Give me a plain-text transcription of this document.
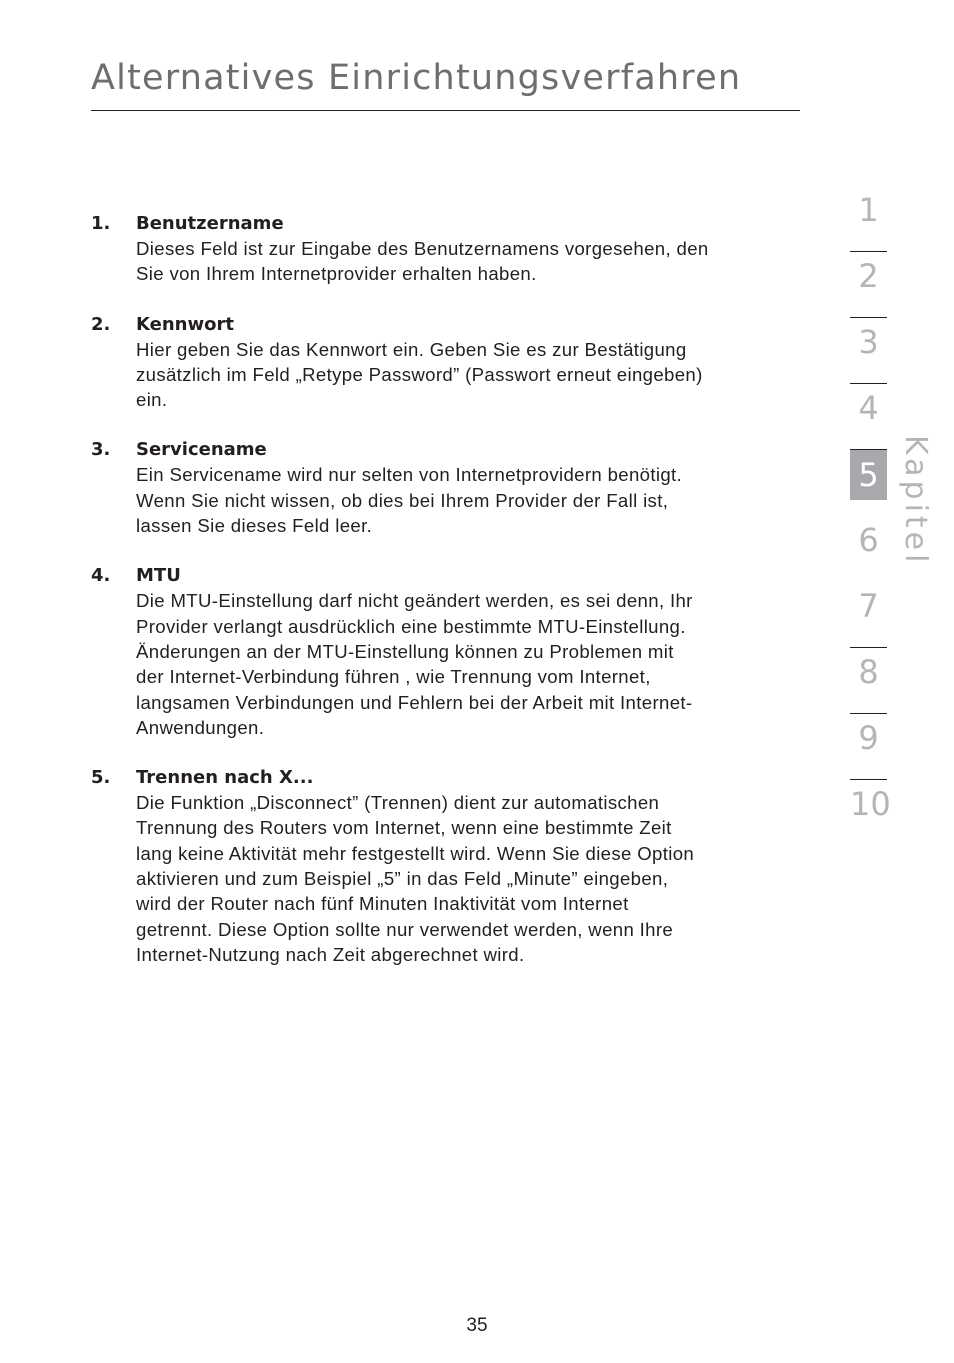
Alternatives Einrichtungsverfahren
1. Benutzername
Dieses Feld ist zur Eingabe des Benutzernamens vorgesehen, den
Sie von Ihrem Internetprovider erhalten haben.
2. Kennwort
Hier geben Sie das Kennwort ein. Geben Sie es zur Bestätigung
zusätzlich im Feld „Retype Password” (Passwort erneut eingeben)
ein.
3. Servicename
Ein Servicename wird nur selten von Internetprovidern benötigt.
Wenn Sie nicht wissen, ob dies bei Ihrem Provider der Fall ist,
lassen Sie dieses Feld leer.
4. MTU
Die MTU-Einstellung darf nicht geändert werden, es sei denn, Ihr
Provider verlangt ausdrücklich eine bestimmte MTU-Einstellung.
Änderungen an der MTU-Einstellung können zu Problemen mit
der Internet-Verbindung führen , wie Trennung vom Internet,
langsamen Verbindungen und Fehlern bei der Arbeit mit Internet-
Anwendungen.
5. Trennen nach X...
Die Funktion „Disconnect” (Trennen) dient zur automatischen
Trennung des Routers vom Internet, wenn eine bestimmte Zeit
lang keine Aktivität mehr festgestellt wird. Wenn Sie diese Option
aktivieren und zum Beispiel „5” in das Feld „Minute” eingeben,
wird der Router nach fünf Minuten Inaktivität vom Internet
getrennt. Diese Option sollte nur verwendet werden, wenn Ihre
Internet-Nutzung nach Zeit abgerechnet wird.
1
2
3
4
5
6
7
8
9
10
Kapitel
35
